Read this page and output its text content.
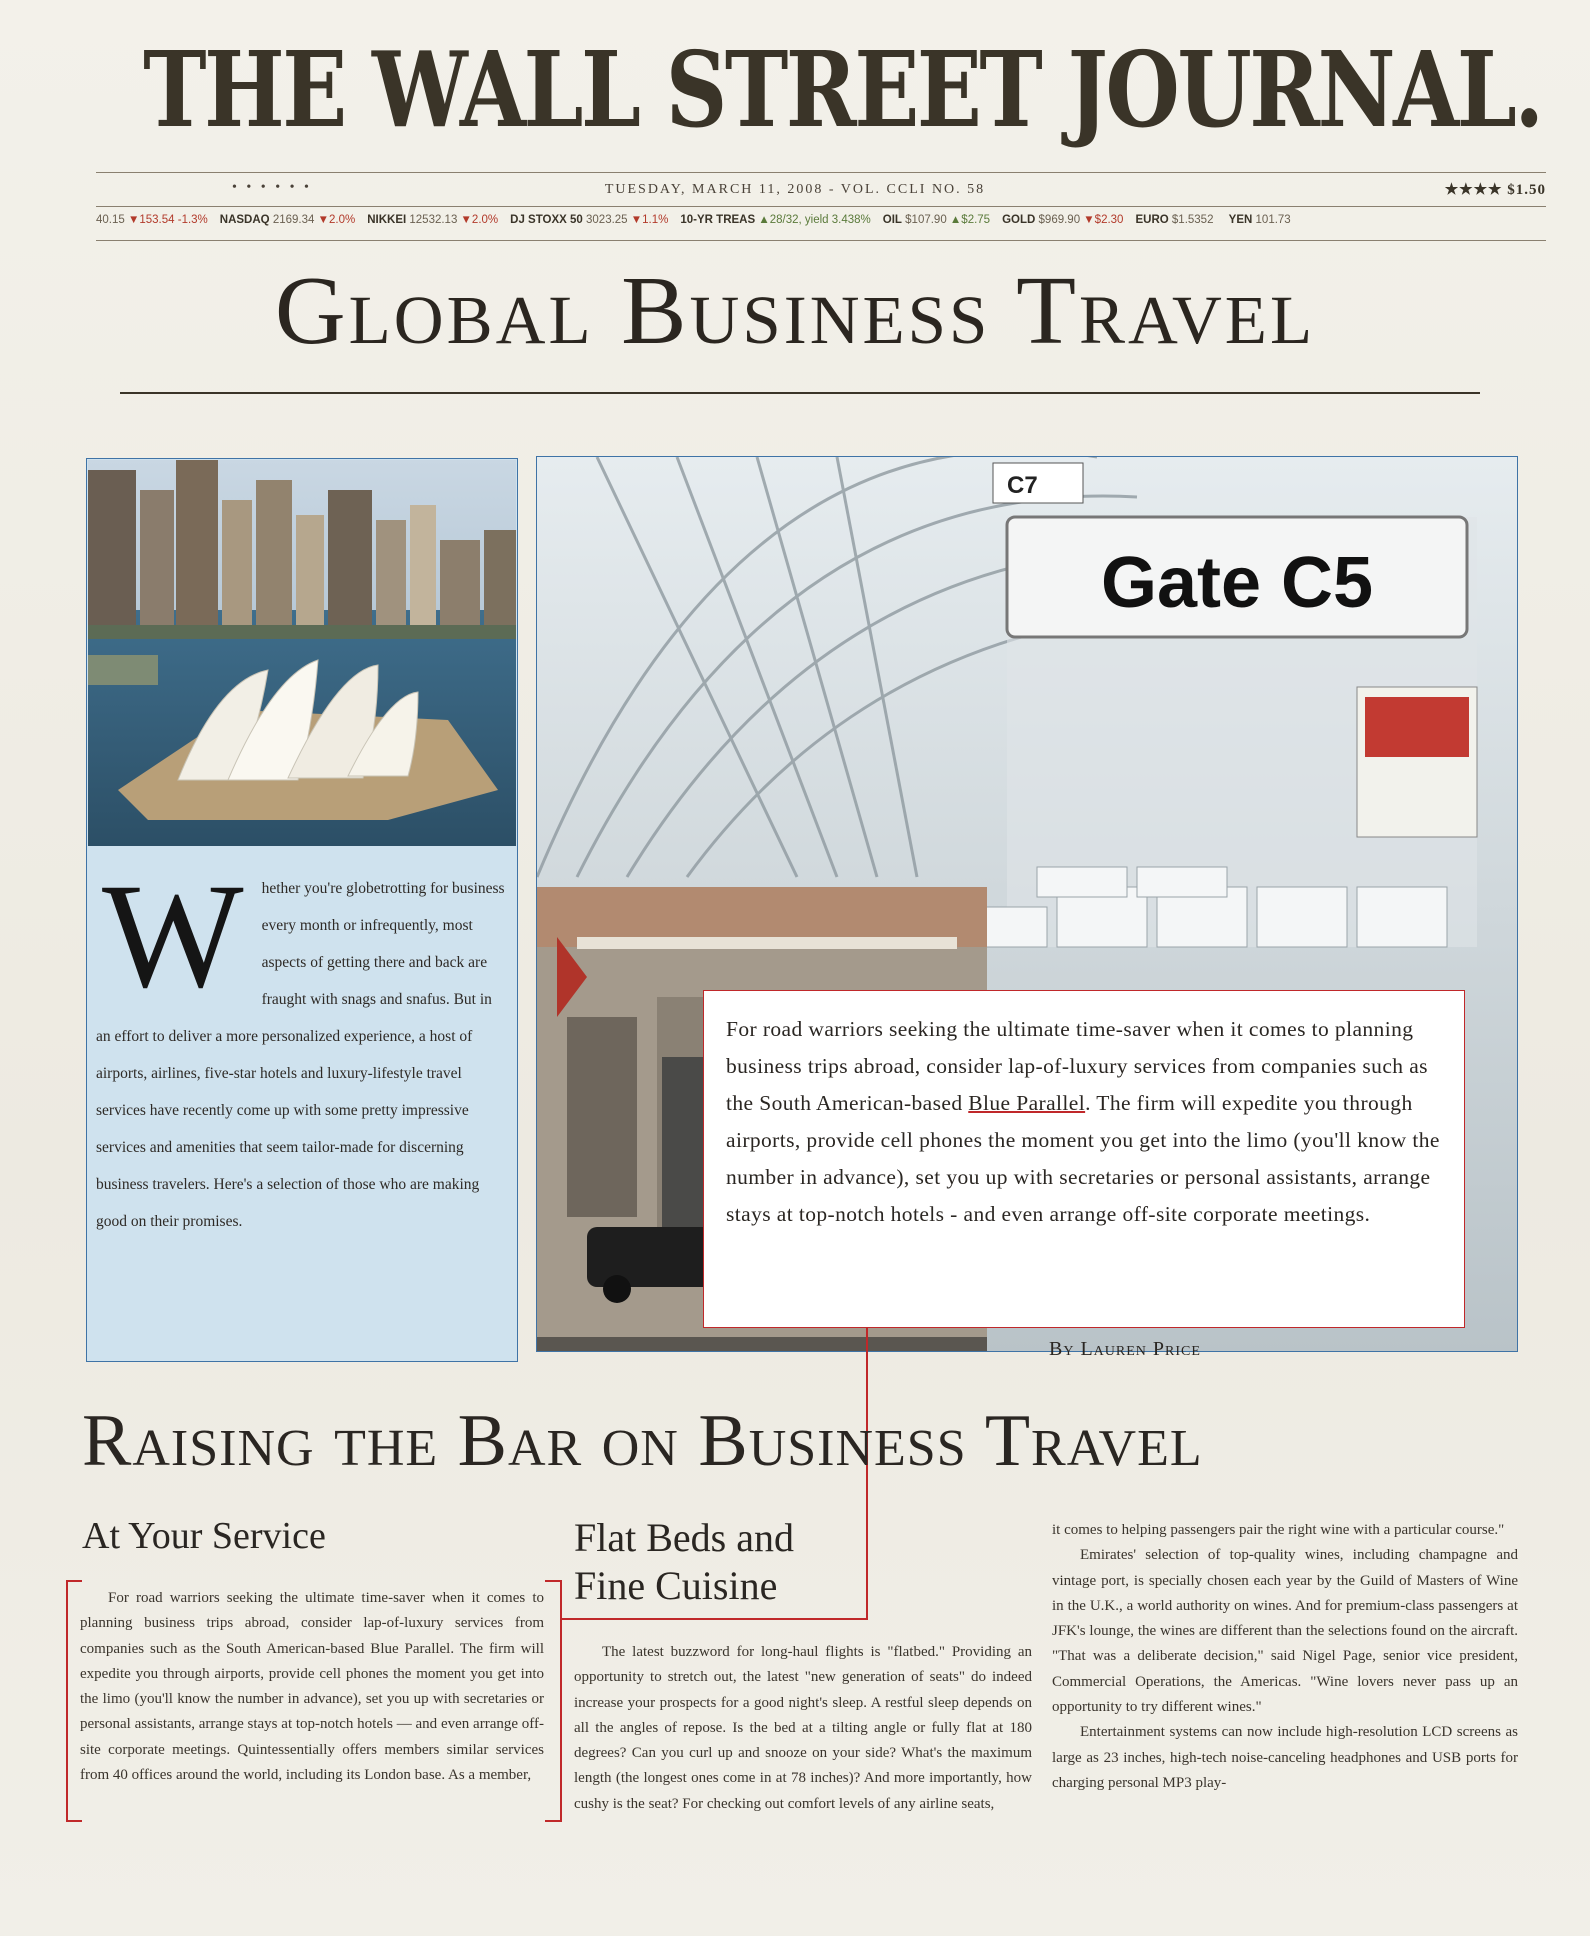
THE WALL STREET JOURNAL.
• • • • • •	TUESDAY, MARCH 11, 2008 - VOL. CCLI NO. 58	★★★★ $1.50
40.15 ▼153.54 -1.3% NASDAQ 2169.34 ▼2.0% NIKKEI 12532.13 ▼2.0% DJ STOXX 50 3023.25 ▼1.1% 10-YR TREAS ▲28/32, yield 3.438% OIL $107.90 ▲$2.75 GOLD $969.90 ▼$2.30 EURO $1.5352 YEN 101.73
Global Business Travel
W hether you're globetrotting for business every month or infrequently, most aspects of getting there and back are fraught with snags and snafus. But in an effort to deliver a more personalized experience, a host of airports, airlines, five-star hotels and luxury-lifestyle travel services have recently come up with some pretty impressive services and amenities that seem tailor-made for discerning business travelers. Here's a selection of those who are making good on their promises.
C7
Gate C5
For road warriors seeking the ultimate time-saver when it comes to planning business trips abroad, consider lap-of-luxury services from companies such as the South American-based Blue Parallel. The firm will expedite you through airports, provide cell phones the moment you get into the limo (you'll know the number in advance), set you up with secretaries or personal assistants, arrange stays at top-notch hotels - and even arrange off-site corporate meetings.
By Lauren Price
Raising the Bar on Business Travel
At Your Service	Flat Beds and
Fine Cuisine
For road warriors seeking the ultimate time-saver when it comes to planning business trips abroad, consider lap-of-luxury services from companies such as the South American-based Blue Parallel. The firm will expedite you through airports, provide cell phones the moment you get into the limo (you'll know the number in advance), set you up with secretaries or personal assistants, arrange stays at top-notch hotels — and even arrange off-site corporate meetings. Quintessentially offers members similar services from 40 offices around the world, including its London base. As a member,
The latest buzzword for long-haul flights is "flatbed." Providing an opportunity to stretch out, the latest "new generation of seats" do indeed increase your prospects for a good night's sleep. A restful sleep depends on all the angles of repose. Is the bed at a tilting angle or fully flat at 180 degrees? Can you curl up and snooze on your side? What's the maximum length (the longest ones come in at 78 inches)? And more importantly, how cushy is the seat? For checking out comfort levels of any airline seats,

it comes to helping passengers pair the right wine with a particular course."

Emirates' selection of top-quality wines, including champagne and vintage port, is specially chosen each year by the Guild of Masters of Wine in the U.K., a world authority on wines. And for premium-class passengers at JFK's lounge, the wines are different than the selections found on the aircraft. "That was a deliberate decision," said Nigel Page, senior vice president, Commercial Operations, the Americas. "Wine lovers never pass up an opportunity to try different wines."

Entertainment systems can now include high-resolution LCD screens as large as 23 inches, high-tech noise-canceling headphones and USB ports for charging personal MP3 play-
